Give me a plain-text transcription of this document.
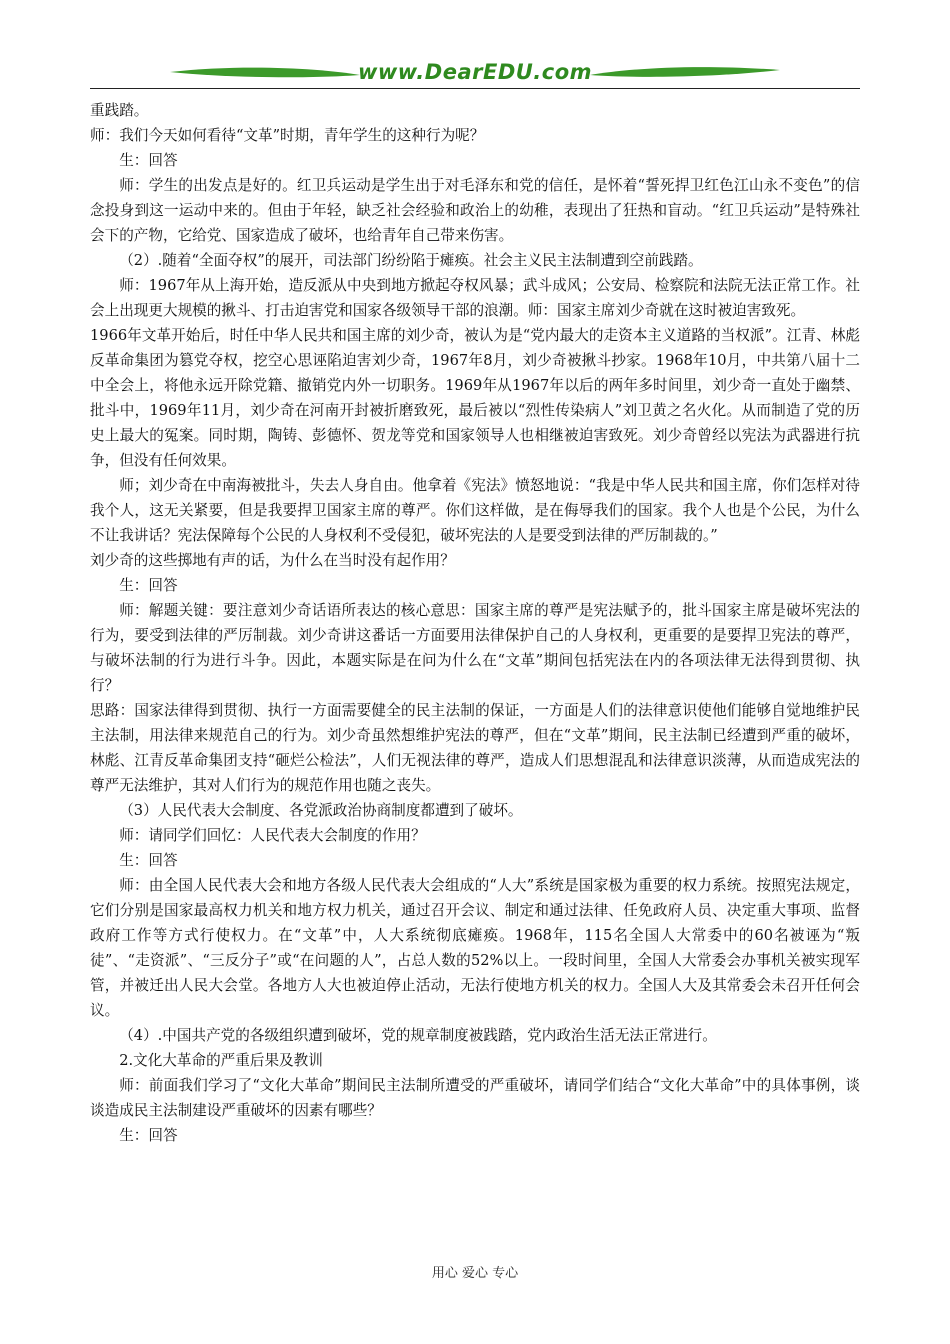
www.DearEDU.com

重践踏。

师：我们今天如何看待“文革”时期，青年学生的这种行为呢？

生：回答

师：学生的出发点是好的。红卫兵运动是学生出于对毛泽东和党的信任，是怀着“誓死捍卫红色江山永不变色”的信念投身到这一运动中来的。但由于年轻，缺乏社会经验和政治上的幼稚，表现出了狂热和盲动。“红卫兵运动”是特殊社会下的产物，它给党、国家造成了破坏，也给青年自己带来伤害。

（2）.随着“全面夺权”的展开，司法部门纷纷陷于瘫痪。社会主义民主法制遭到空前践踏。

师：1967年从上海开始，造反派从中央到地方掀起夺权风暴；武斗成风；公安局、检察院和法院无法正常工作。社会上出现更大规模的揪斗、打击迫害党和国家各级领导干部的浪潮。师：国家主席刘少奇就在这时被迫害致死。

1966年文革开始后，时任中华人民共和国主席的刘少奇，被认为是“党内最大的走资本主义道路的当权派”。江青、林彪反革命集团为篡党夺权，挖空心思诬陷迫害刘少奇，1967年8月，刘少奇被揪斗抄家。1968年10月，中共第八届十二中全会上，将他永远开除党籍、撤销党内外一切职务。1969年从1967年以后的两年多时间里，刘少奇一直处于幽禁、批斗中，1969年11月，刘少奇在河南开封被折磨致死，最后被以“烈性传染病人”刘卫黄之名火化。从而制造了党的历史上最大的冤案。同时期，陶铸、彭德怀、贺龙等党和国家领导人也相继被迫害致死。刘少奇曾经以宪法为武器进行抗争，但没有任何效果。

师；刘少奇在中南海被批斗，失去人身自由。他拿着《宪法》愤怒地说：“我是中华人民共和国主席，你们怎样对待我个人，这无关紧要，但是我要捍卫国家主席的尊严。你们这样做，是在侮辱我们的国家。我个人也是个公民，为什么不让我讲话？宪法保障每个公民的人身权利不受侵犯，破坏宪法的人是要受到法律的严厉制裁的。”

刘少奇的这些掷地有声的话，为什么在当时没有起作用？

生：回答

师：解题关键：要注意刘少奇话语所表达的核心意思：国家主席的尊严是宪法赋予的，批斗国家主席是破坏宪法的行为，要受到法律的严厉制裁。刘少奇讲这番话一方面要用法律保护自己的人身权利，更重要的是要捍卫宪法的尊严，与破坏法制的行为进行斗争。因此，本题实际是在问为什么在“文革”期间包括宪法在内的各项法律无法得到贯彻、执行？

思路：国家法律得到贯彻、执行一方面需要健全的民主法制的保证，一方面是人们的法律意识使他们能够自觉地维护民主法制，用法律来规范自己的行为。刘少奇虽然想维护宪法的尊严，但在“文革”期间，民主法制已经遭到严重的破坏，林彪、江青反革命集团支持“砸烂公检法”，人们无视法律的尊严，造成人们思想混乱和法律意识淡薄，从而造成宪法的尊严无法维护，其对人们行为的规范作用也随之丧失。

（3）人民代表大会制度、各党派政治协商制度都遭到了破坏。

师：请同学们回忆：人民代表大会制度的作用？

生：回答

师：由全国人民代表大会和地方各级人民代表大会组成的“人大”系统是国家极为重要的权力系统。按照宪法规定，它们分别是国家最高权力机关和地方权力机关，通过召开会议、制定和通过法律、任免政府人员、决定重大事项、监督政府工作等方式行使权力。在“文革”中，人大系统彻底瘫痪。1968年，115名全国人大常委中的60名被诬为“叛徒”、“走资派”、“三反分子”或“在问题的人”，占总人数的52%以上。一段时间里，全国人大常委会办事机关被实现军管，并被迁出人民大会堂。各地方人大也被迫停止活动，无法行使地方机关的权力。全国人大及其常委会未召开任何会议。

（4）.中国共产党的各级组织遭到破坏，党的规章制度被践踏，党内政治生活无法正常进行。

2.文化大革命的严重后果及教训

师：前面我们学习了“文化大革命”期间民主法制所遭受的严重破坏，请同学们结合“文化大革命”中的具体事例，谈谈造成民主法制建设严重破坏的因素有哪些？

生：回答

用心 爱心 专心
